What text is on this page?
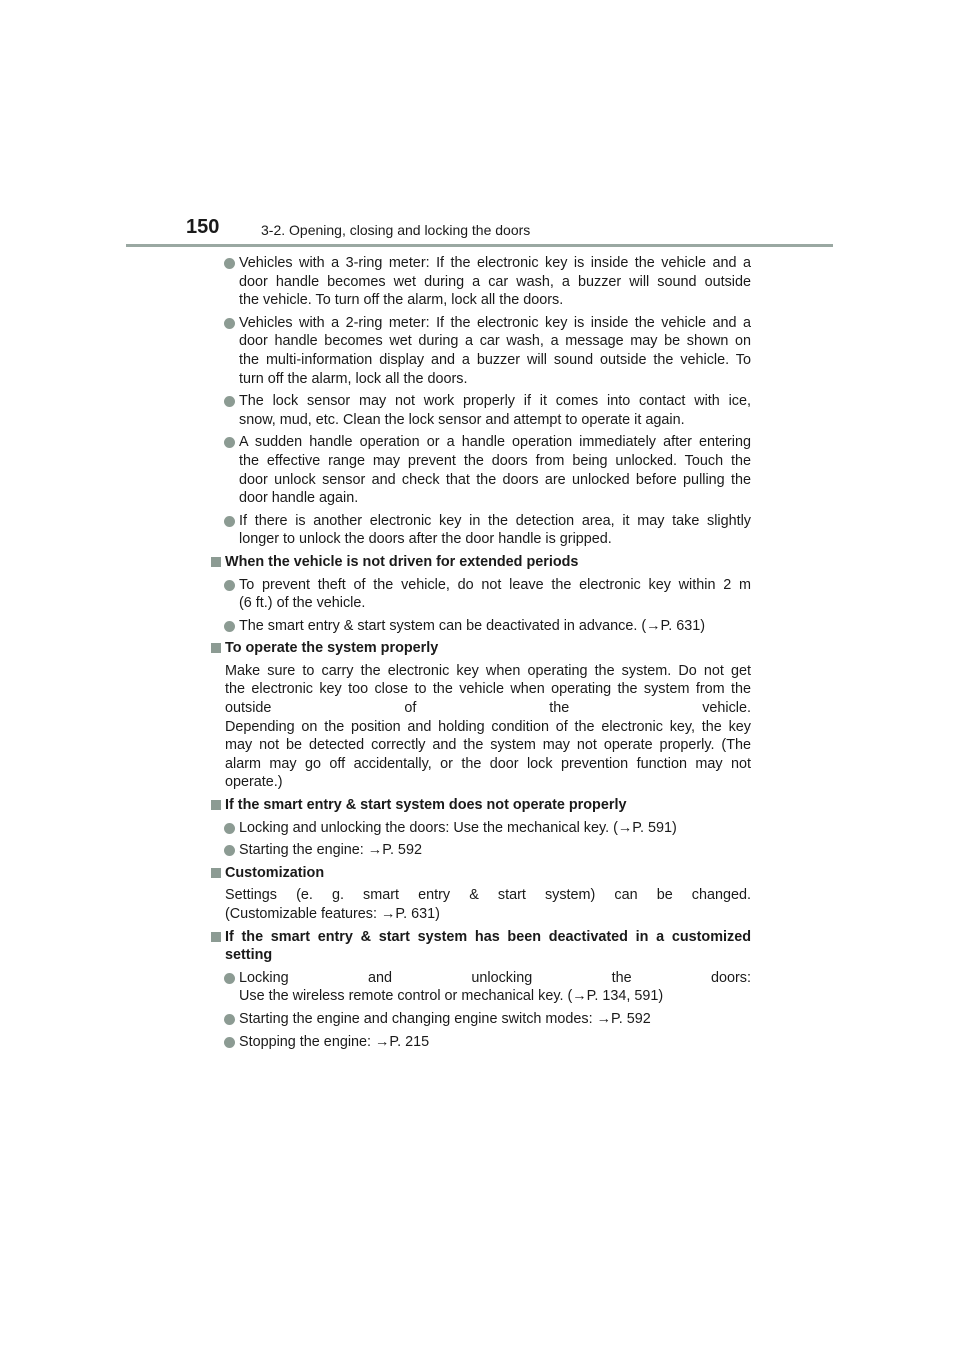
150	3-2. Opening, closing and locking the doors
Vehicles with a 3-ring meter: If the electronic key is inside the vehicle and a
door handle becomes wet during a car wash, a buzzer will sound outside
the vehicle. To turn off the alarm, lock all the doors.
Vehicles with a 2-ring meter: If the electronic key is inside the vehicle and a
door handle becomes wet during a car wash, a message may be shown on
the multi-information display and a buzzer will sound outside the vehicle. To
turn off the alarm, lock all the doors.
The lock sensor may not work properly if it comes into contact with ice,
snow, mud, etc. Clean the lock sensor and attempt to operate it again.
A sudden handle operation or a handle operation immediately after entering
the effective range may prevent the doors from being unlocked. Touch the
door unlock sensor and check that the doors are unlocked before pulling the
door handle again.
If there is another electronic key in the detection area, it may take slightly
longer to unlock the doors after the door handle is gripped.
When the vehicle is not driven for extended periods
To prevent theft of the vehicle, do not leave the electronic key within 2 m
(6 ft.) of the vehicle.
The smart entry & start system can be deactivated in advance. (→P. 631)
To operate the system properly
Make sure to carry the electronic key when operating the system. Do not get
the electronic key too close to the vehicle when operating the system from the
outside of the vehicle.
Depending on the position and holding condition of the electronic key, the key
may not be detected correctly and the system may not operate properly. (The
alarm may go off accidentally, or the door lock prevention function may not
operate.)
If the smart entry & start system does not operate properly
Locking and unlocking the doors: Use the mechanical key. (→P. 591)
Starting the engine: →P. 592
Customization
Settings (e. g. smart entry & start system) can be changed.
(Customizable features: →P. 631)
If the smart entry & start system has been deactivated in a customized
setting
Locking and unlocking the doors:
Use the wireless remote control or mechanical key. (→P. 134, 591)
Starting the engine and changing engine switch modes: →P. 592
Stopping the engine: →P. 215
